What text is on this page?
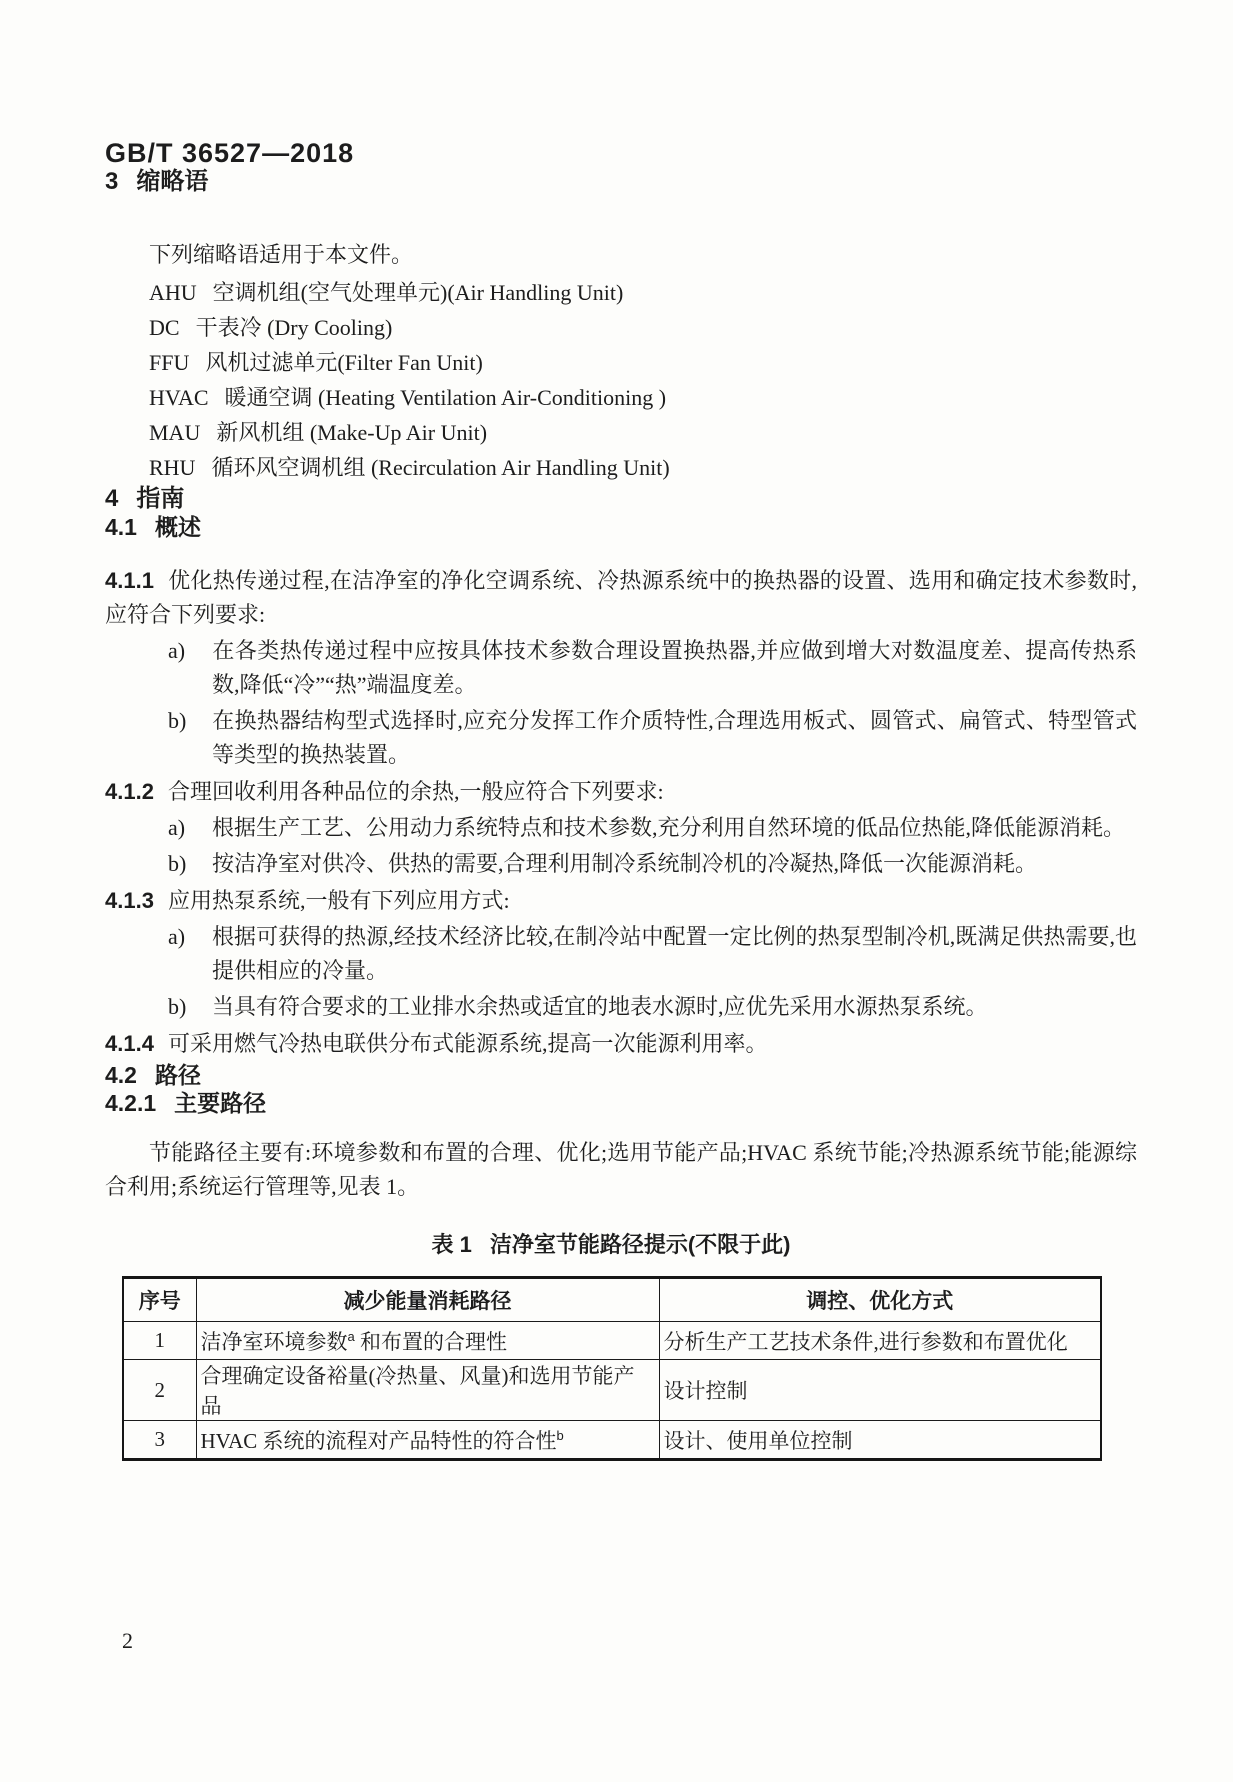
GB/T 36527—2018
3 缩略语

下列缩略语适用于本文件。

AHU 空调机组(空气处理单元)(Air Handling Unit)
DC 干表冷 (Dry Cooling)
FFU 风机过滤单元(Filter Fan Unit)
HVAC 暖通空调 (Heating Ventilation Air-Conditioning )
MAU 新风机组 (Make-Up Air Unit)
RHU 循环风空调机组 (Recirculation Air Handling Unit)
4 指南
4.1 概述

4.1.1 优化热传递过程,在洁净室的净化空调系统、冷热源系统中的换热器的设置、选用和确定技术参数时,应符合下列要求:

a) 在各类热传递过程中应按具体技术参数合理设置换热器,并应做到增大对数温度差、提高传热系数,降低“冷”“热”端温度差。

b) 在换热器结构型式选择时,应充分发挥工作介质特性,合理选用板式、圆管式、扁管式、特型管式等类型的换热装置。

4.1.2 合理回收利用各种品位的余热,一般应符合下列要求:

a) 根据生产工艺、公用动力系统特点和技术参数,充分利用自然环境的低品位热能,降低能源消耗。

b) 按洁净室对供冷、供热的需要,合理利用制冷系统制冷机的冷凝热,降低一次能源消耗。

4.1.3 应用热泵系统,一般有下列应用方式:

a) 根据可获得的热源,经技术经济比较,在制冷站中配置一定比例的热泵型制冷机,既满足供热需要,也提供相应的冷量。

b) 当具有符合要求的工业排水余热或适宜的地表水源时,应优先采用水源热泵系统。

4.1.4 可采用燃气冷热电联供分布式能源系统,提高一次能源利用率。

4.2 路径
4.2.1 主要路径

节能路径主要有:环境参数和布置的合理、优化;选用节能产品;HVAC 系统节能;冷热源系统节能;能源综合利用;系统运行管理等,见表 1。

表 1 洁净室节能路径提示(不限于此)
序号	减少能量消耗路径	调控、优化方式
1	洁净室环境参数$^a$ 和布置的合理性	分析生产工艺技术条件,进行参数和布置优化
2	合理确定设备裕量(冷热量、风量)和选用节能产品	设计控制
3	HVAC 系统的流程对产品特性的符合性$^b$	设计、使用单位控制
2
